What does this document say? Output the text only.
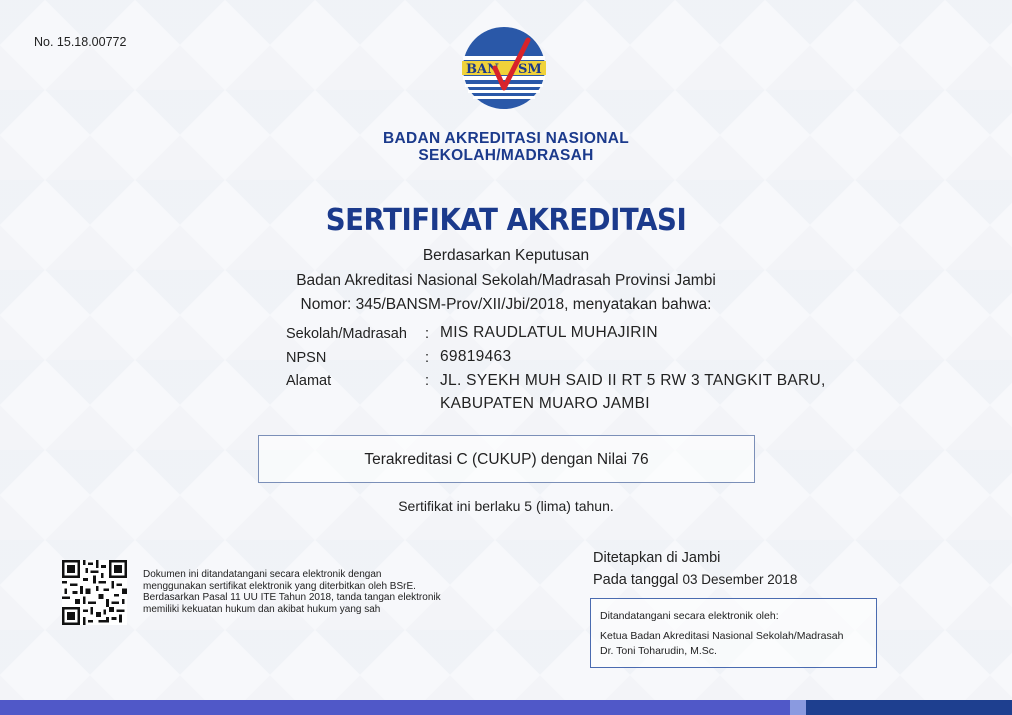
No. 15.18.00772
BAN SM
BADAN AKREDITASI NASIONAL
SEKOLAH/MADRASAH
SERTIFIKAT AKREDITASI
Berdasarkan Keputusan
Badan Akreditasi Nasional Sekolah/Madrasah Provinsi Jambi
Nomor: 345/BANSM-Prov/XII/Jbi/2018, menyatakan bahwa:
Sekolah/Madrasah : MIS RAUDLATUL MUHAJIRIN
NPSN	: 69819463
Alamat	: JL. SYEKH MUH SAID II RT 5 RW 3 TANGKIT BARU,
KABUPATEN MUARO JAMBI
Terakreditasi C (CUKUP) dengan Nilai 76
Sertifikat ini berlaku 5 (lima) tahun.
Dokumen ini ditandatangani secara elektronik dengan
menggunakan sertifikat elektronik yang diterbitkan oleh BSrE.
Berdasarkan Pasal 11 UU ITE Tahun 2018, tanda tangan elektronik
memiliki kekuatan hukum dan akibat hukum yang sah
Ditetapkan di Jambi
Pada tanggal 03 Desember 2018
Ditandatangani secara elektronik oleh:
Ketua Badan Akreditasi Nasional Sekolah/Madrasah
Dr. Toni Toharudin, M.Sc.
